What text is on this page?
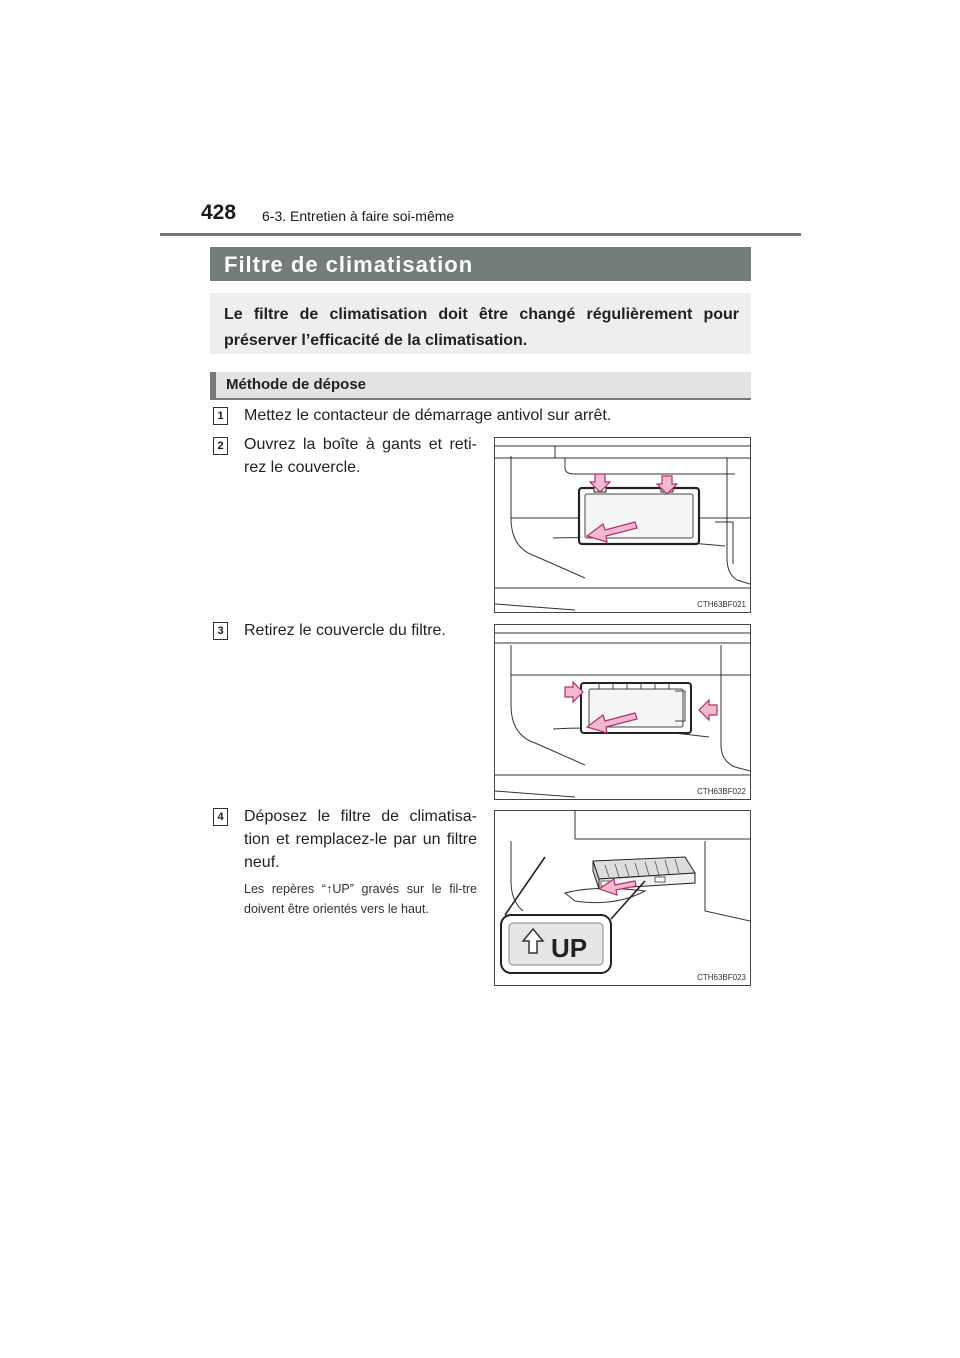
428 6-3. Entretien à faire soi-même
Filtre de climatisation

Le filtre de climatisation doit être changé régulièrement pour préserver l’efficacité de la climatisation.

Méthode de dépose
1 Mettez le contacteur de démarrage antivol sur arrêt.
2 Ouvrez la boîte à gants et reti-rez le couvercle.
CTH63BF021
3 Retirez le couvercle du filtre.
CTH63BF022
4 Déposez le filtre de climatisa-tion et remplacez-le par un filtre neuf.
Les repères “↑UP” gravés sur le fil-tre doivent être orientés vers le haut.
UP
CTH63BF023
